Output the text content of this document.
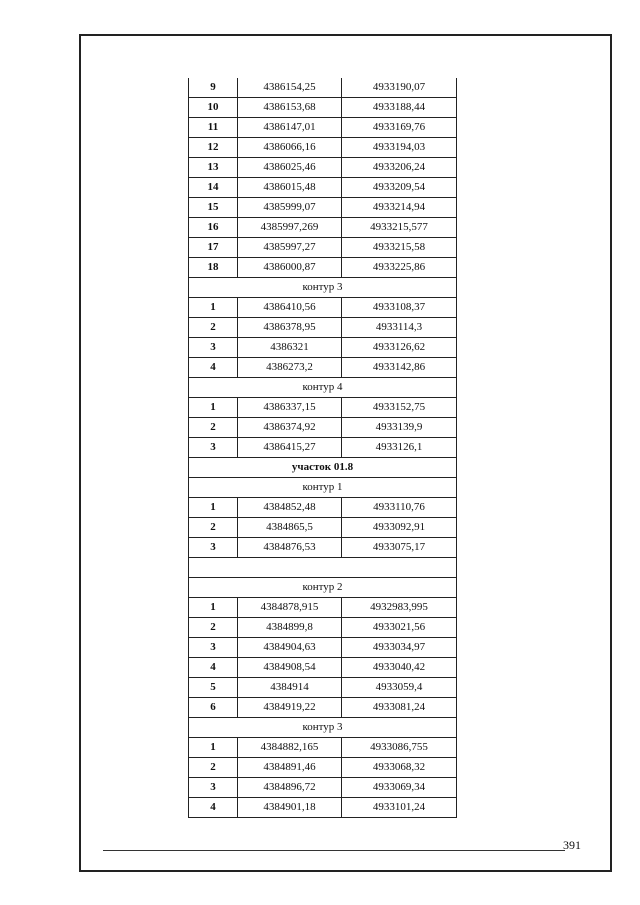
9	4386154,25	4933190,07
10	4386153,68	4933188,44
11	4386147,01	4933169,76
12	4386066,16	4933194,03
13	4386025,46	4933206,24
14	4386015,48	4933209,54
15	4385999,07	4933214,94
16	4385997,269	4933215,577
17	4385997,27	4933215,58
18	4386000,87	4933225,86
контур 3		
1	4386410,56	4933108,37
2	4386378,95	4933114,3
3	4386321	4933126,62
4	4386273,2	4933142,86
контур 4		
1	4386337,15	4933152,75
2	4386374,92	4933139,9
3	4386415,27	4933126,1
участок 01.8		
контур 1		
1	4384852,48	4933110,76
2	4384865,5	4933092,91
3	4384876,53	4933075,17

контур 2		
1	4384878,915	4932983,995
2	4384899,8	4933021,56
3	4384904,63	4933034,97
4	4384908,54	4933040,42
5	4384914	4933059,4
6	4384919,22	4933081,24
контур 3		
1	4384882,165	4933086,755
2	4384891,46	4933068,32
3	4384896,72	4933069,34
4	4384901,18	4933101,24
391
